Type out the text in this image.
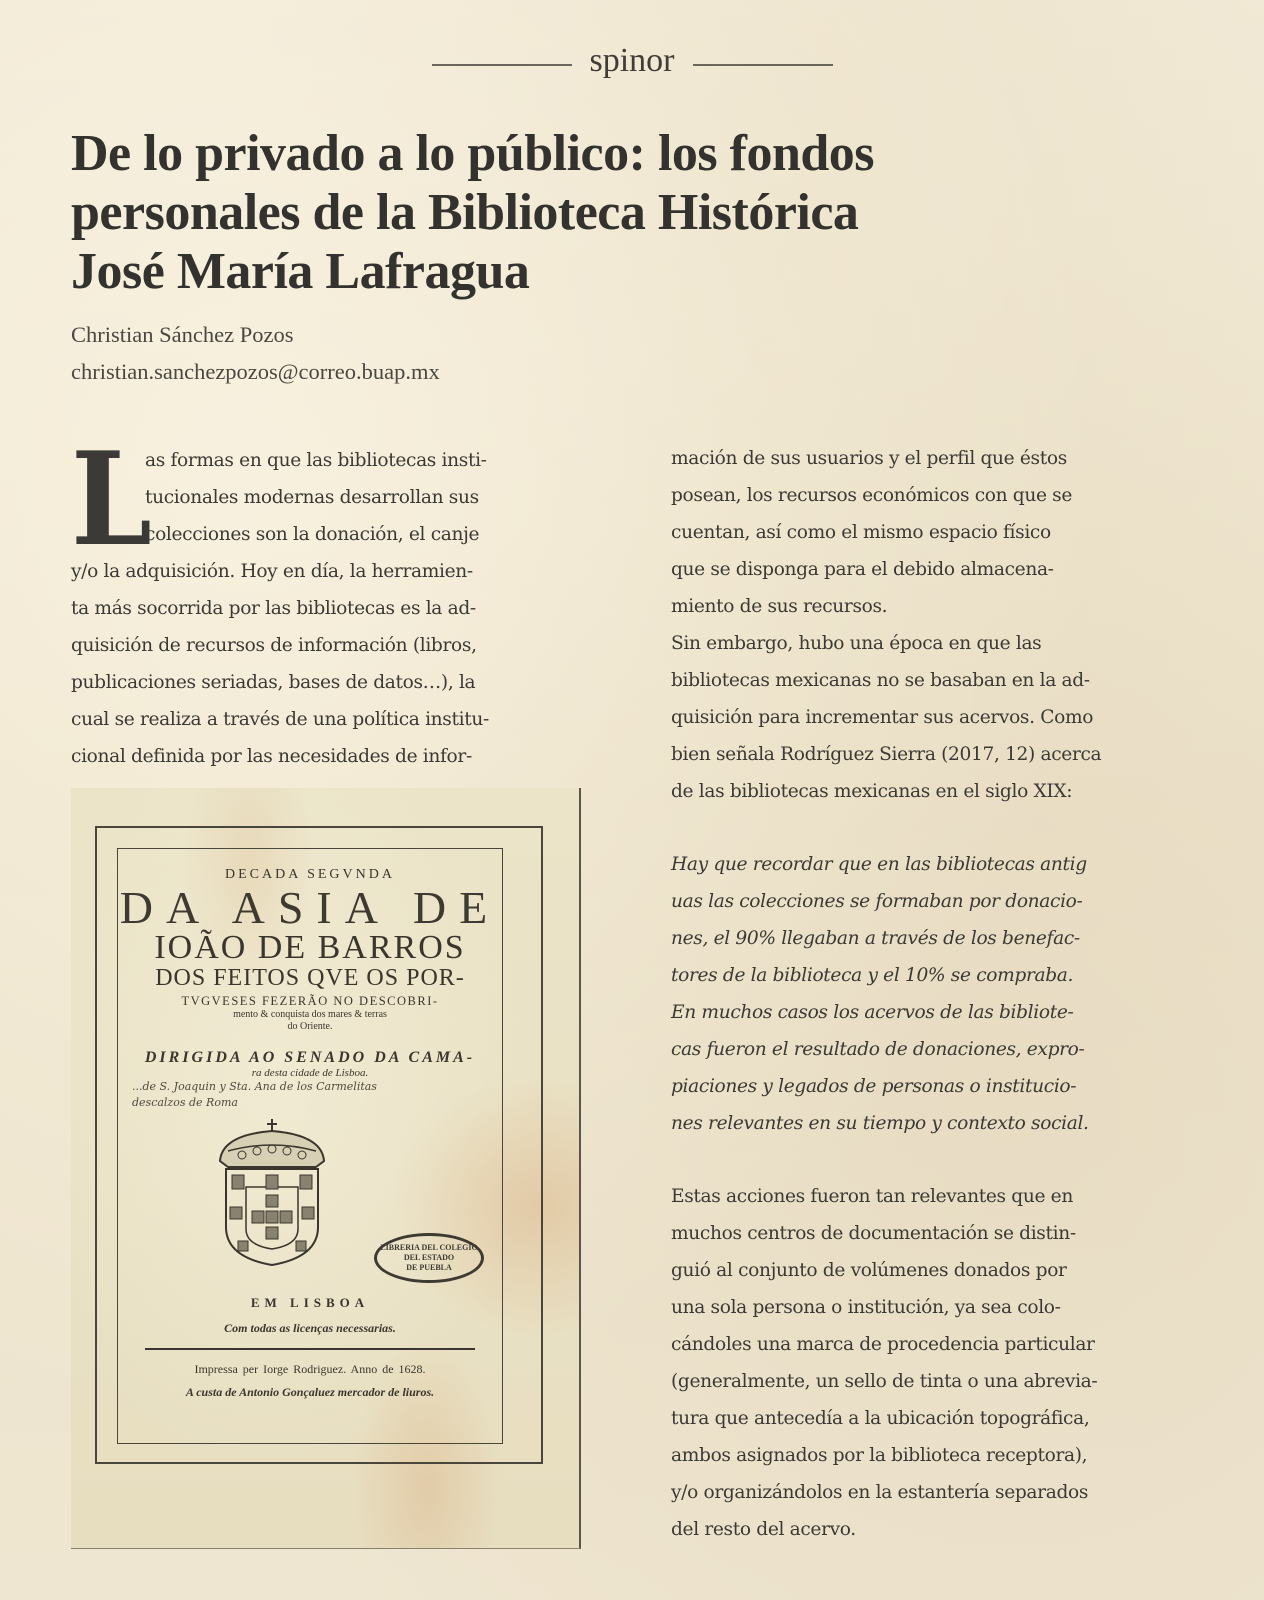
spinor
De lo privado a lo público: los fondos
personales de la Biblioteca Histórica
José María Lafragua

Christian Sánchez Pozos

christian.sanchezpozos@correo.buap.mx

L
as formas en que las bibliotecas insti-
tucionales modernas desarrollan sus
colecciones son la donación, el canje
y/o la adquisición. Hoy en día, la herramien-
ta más socorrida por las bibliotecas es la ad-
quisición de recursos de información (libros,
publicaciones seriadas, bases de datos…), la
cual se realiza a través de una política institu-
cional definida por las necesidades de infor-
mación de sus usuarios y el perfil que éstos
posean, los recursos económicos con que se
cuentan, así como el mismo espacio físico
que se disponga para el debido almacena-
miento de sus recursos.
Sin embargo, hubo una época en que las
bibliotecas mexicanas no se basaban en la ad-
quisición para incrementar sus acervos. Como
bien señala Rodríguez Sierra (2017, 12) acerca
de las bibliotecas mexicanas en el siglo XIX:
Hay que recordar que en las bibliotecas antig
uas las colecciones se formaban por donacio-
nes, el 90% llegaban a través de los benefac-
tores de la biblioteca y el 10% se compraba.
En muchos casos los acervos de las bibliote-
cas fueron el resultado de donaciones, expro-
piaciones y legados de personas o institucio-
nes relevantes en su tiempo y contexto social.
Estas acciones fueron tan relevantes que en
muchos centros de documentación se distin-
guió al conjunto de volúmenes donados por
una sola persona o institución, ya sea colo-
cándoles una marca de procedencia particular
(generalmente, un sello de tinta o una abrevia-
tura que antecedía a la ubicación topográfica,
ambos asignados por la biblioteca receptora),
y/o organizándolos en la estantería separados
del resto del acervo.
DECADA SEGVNDA
DA ASIA DE
IOÃO DE BARROS
DOS FEITOS QVE OS POR-
TVGVESES FEZERÃO NO DESCOBRI-
mento & conquista dos mares & terras
do Oriente.
DIRIGIDA AO SENADO DA CAMA-
ra desta cidade de Lisboa.
...de S. Joaquin y Sta. Ana de los Carmelitas
descalzos de Roma
LIBRERIA DEL COLEGIO
DEL ESTADO
DE PUEBLA
EM LISBOA
Com todas as licenças necessarias.
Impressa per Iorge Rodriguez. Anno de 1628.
A custa de Antonio Gonçaluez mercador de liuros.
